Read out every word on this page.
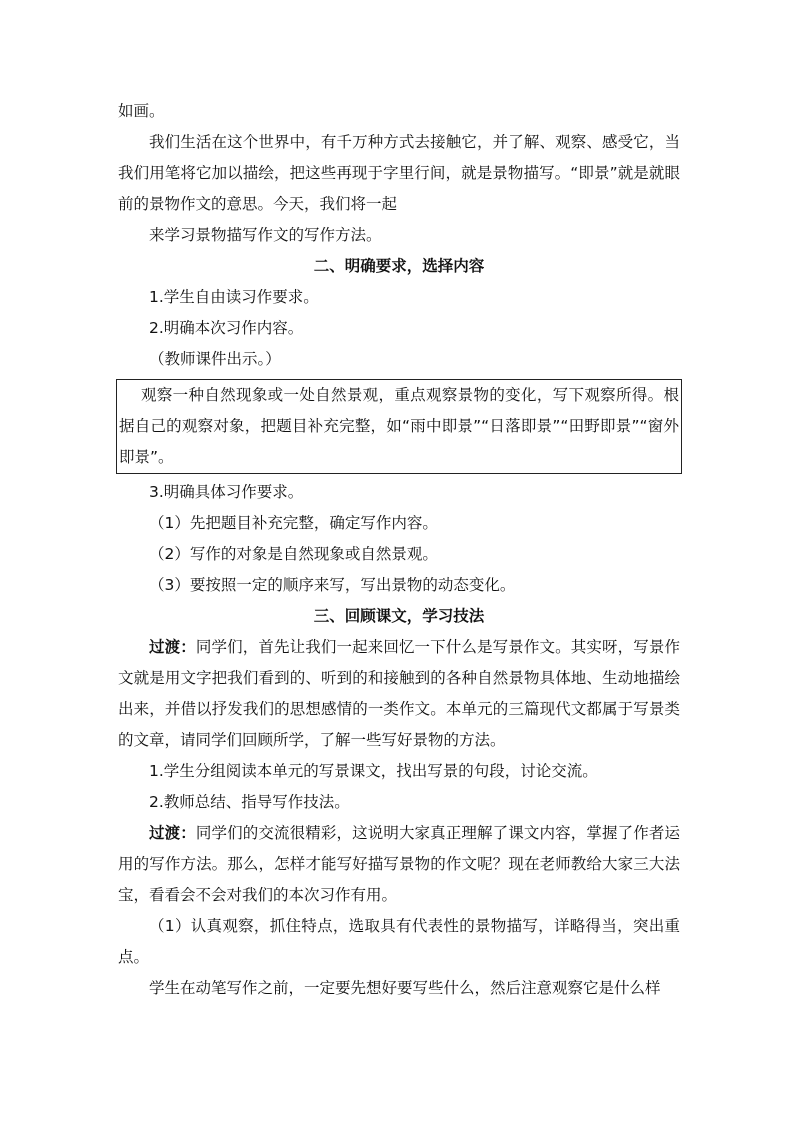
如画。

我们生活在这个世界中，有千万种方式去接触它，并了解、观察、感受它，当我们用笔将它加以描绘，把这些再现于字里行间，就是景物描写。“即景”就是就眼前的景物作文的意思。今天，我们将一起

来学习景物描写作文的写作方法。

二、明确要求，选择内容

1.学生自由读习作要求。

2.明确本次习作内容。

（教师课件出示。）

观察一种自然现象或一处自然景观，重点观察景物的变化，写下观察所得。根据自己的观察对象，把题目补充完整，如“雨中即景”“日落即景”“田野即景”“窗外即景”。

3.明确具体习作要求。

（1）先把题目补充完整，确定写作内容。

（2）写作的对象是自然现象或自然景观。

（3）要按照一定的顺序来写，写出景物的动态变化。

三、回顾课文，学习技法

过渡：同学们，首先让我们一起来回忆一下什么是写景作文。其实呀，写景作文就是用文字把我们看到的、听到的和接触到的各种自然景物具体地、生动地描绘出来，并借以抒发我们的思想感情的一类作文。本单元的三篇现代文都属于写景类的文章，请同学们回顾所学，了解一些写好景物的方法。

1.学生分组阅读本单元的写景课文，找出写景的句段，讨论交流。

2.教师总结、指导写作技法。

过渡：同学们的交流很精彩，这说明大家真正理解了课文内容，掌握了作者运用的写作方法。那么，怎样才能写好描写景物的作文呢？现在老师教给大家三大法宝，看看会不会对我们的本次习作有用。

（1）认真观察，抓住特点，选取具有代表性的景物描写，详略得当，突出重点。

学生在动笔写作之前，一定要先想好要写些什么，然后注意观察它是什么样
